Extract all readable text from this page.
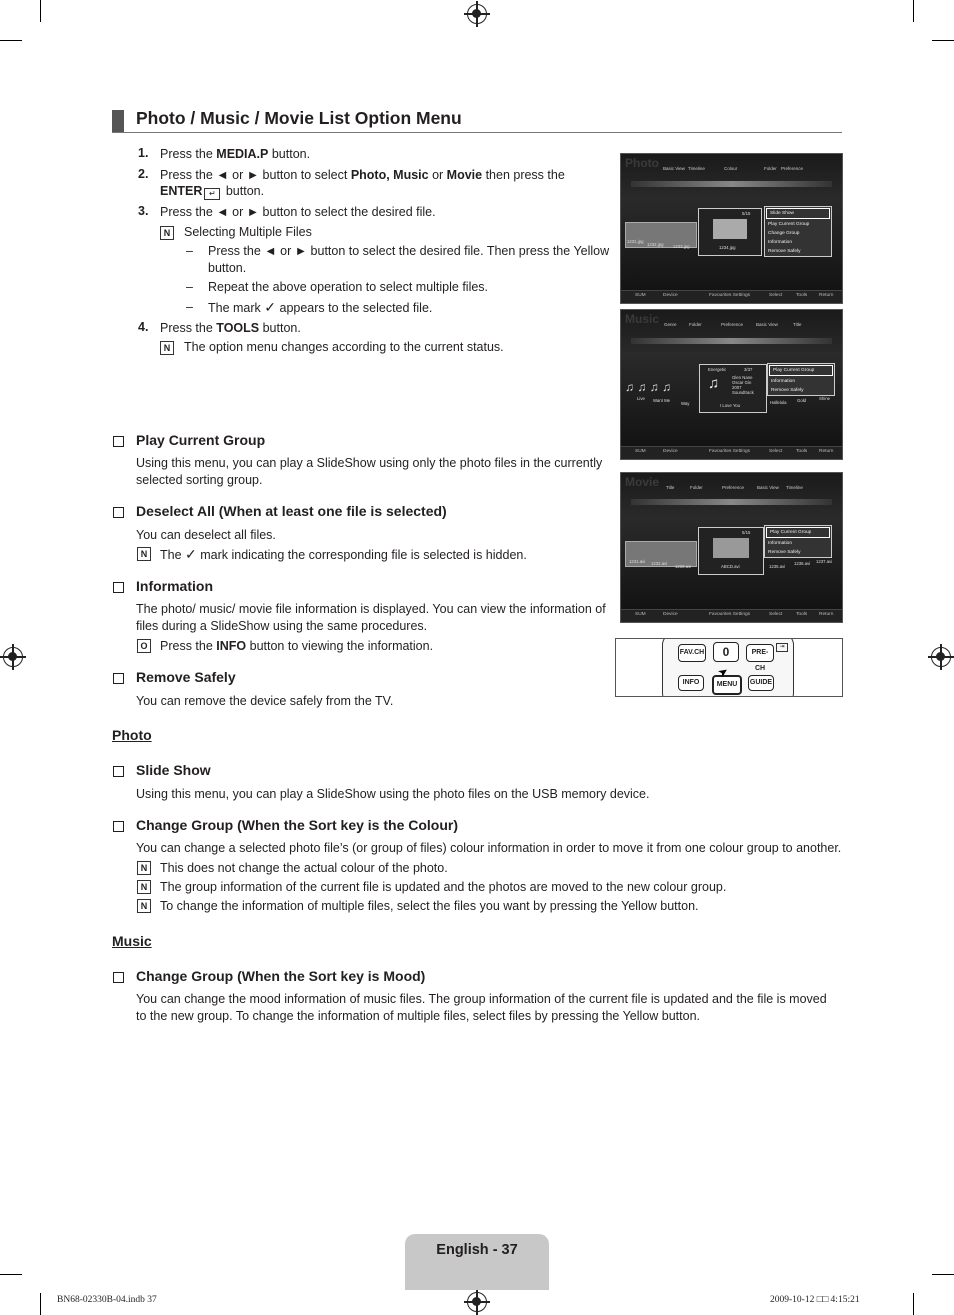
Photo / Music / Movie List Option Menu
1. Press the MEDIA.P button.
2. Press the ◄ or ► button to select Photo, Music or Movie then press the
ENTER ↵ button.
3. Press the ◄ or ► button to select the desired file.
N	Selecting Multiple Files
– Press the ◄ or ► button to select the desired file. Then press the Yellow
button.
– Repeat the above operation to select multiple files.
– The mark ✓ appears to the selected file.
4. Press the TOOLS button.
N	The option menu changes according to the current status.
Play Current Group
Using this menu, you can play a SlideShow using only the photo files in the currently selected sorting group.
Deselect All (When at least one file is selected)
You can deselect all files.
N	The ✓ mark indicating the corresponding file is selected is hidden.
Information
The photo/ music/ movie file information is displayed. You can view the information of files during a SlideShow using the same procedures.
O Press the INFO button to viewing the information.
Remove Safely
You can remove the device safely from the TV.
Photo
Slide Show
Using this menu, you can play a SlideShow using the photo files on the USB memory device.
Change Group (When the Sort key is the Colour)
You can change a selected photo file’s (or group of files) colour information in order to move it from one colour group to another.
N	This does not change the actual colour of the photo.
N	The group information of the current file is updated and the photos are moved to the new colour group.
N	To change the information of multiple files, select the files you want by pressing the Yellow button.
Music
Change Group (When the Sort key is Mood)
You can change the mood information of music files. The group information of the current file is updated and the file is moved to the new group. To change the information of multiple files, select files by pressing the Yellow button.
Photo Basic View Timeline	Colour	Folder Preference
1231.jpg
1232.jpg 1233.jpg
5/15
1234.jpg
Slide Show
Play Current Group
Change Group
Information
Remove Safely
SUM	Device	Favourites Settings	Select	Tools Return
Music Genre	Folder	Preference	Basic View	Title
♫ ♫ ♫ ♫
Live Want Me
Way
Energetic	3/37
♫	Glen Nane
Oscar Gin
2007
Soundtrack
I Love You
Hallelula Gold	Shine
Play Current Group
Information
Remove Safely
SUM	Device	Favourites Settings	Select	Tools Return
Movie Title	Folder	Preference	Basic View Timeline
1231.avi 1232.avi
1233.avi
5/15
ABCD.avi	1235.avi
1236.avi 1237.avi
Play Current Group
Information
Remove Safely
SUM	Device	Favourites Settings	Select	Tools Return
FAV.CH	0	PRE-CH
INFO	MENU	GUIDE
➤
⇥
English - 37
BN68-02330B-04.indb 37	2009-10-12 □□ 4:15:21
